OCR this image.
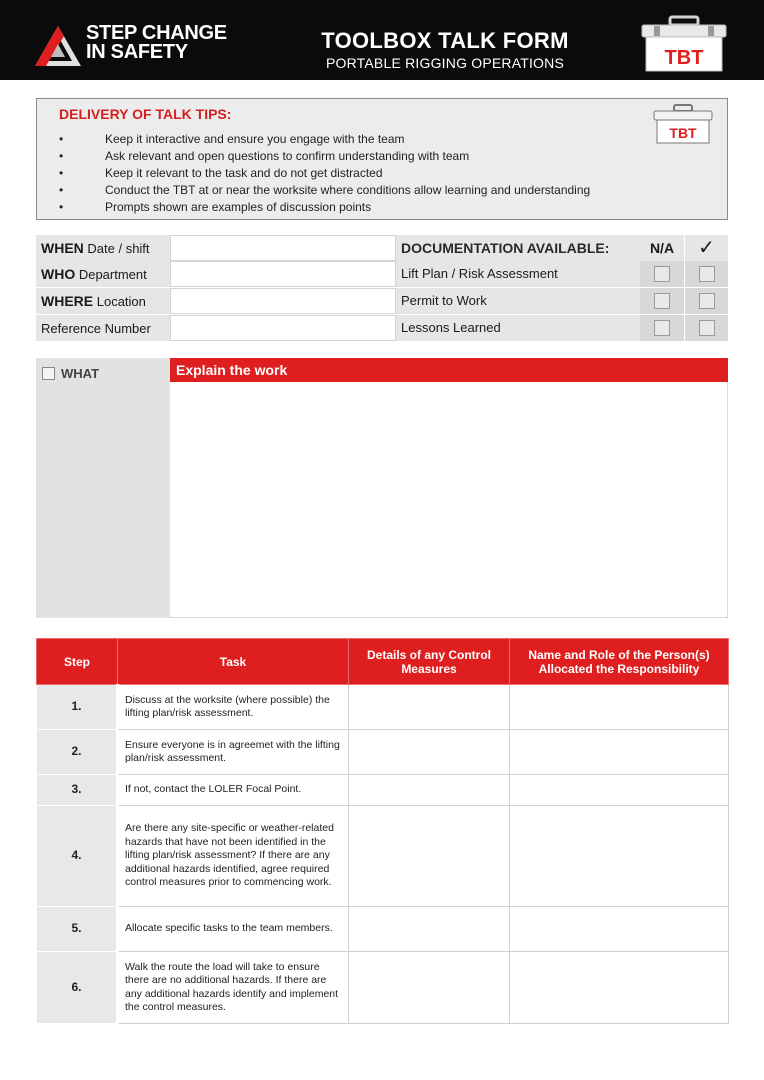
STEP CHANGE
IN SAFETY	TOOLBOX TALK FORM
PORTABLE RIGGING OPERATIONS	TBT
DELIVERY OF TALK TIPS:
•	Keep it interactive and ensure you engage with the team
•	Ask relevant and open questions to confirm understanding with team
•	Keep it relevant to the task and do not get distracted
•	Conduct the TBT at or near the worksite where conditions allow learning and understanding
•	Prompts shown are examples of discussion points
TBT
WHEN Date / shift	DOCUMENTATION AVAILABLE:	N/A	✓
WHO Department	Lift Plan / Risk Assessment
WHERE Location	Permit to Work
Reference Number	Lessons Learned
WHAT	Explain the work
Step	Task	Details of any Control Measures	Name and Role of the Person(s) Allocated the Responsibility
1.	Discuss at the worksite (where possible) the lifting plan/risk assessment.		
2.	Ensure everyone is in agreemet with the lifting plan/risk assessment.		
3.	If not, contact the LOLER Focal Point.		
4.	Are there any site-specific or weather-related hazards that have not been identified in the lifting plan/risk assessment? If there are any additional hazards identified, agree required control measures prior to commencing work.		
5.	Allocate specific tasks to the team members.		
6.	Walk the route the load will take to ensure there are no additional hazards. If there are any additional hazards identify and implement the control measures.		
